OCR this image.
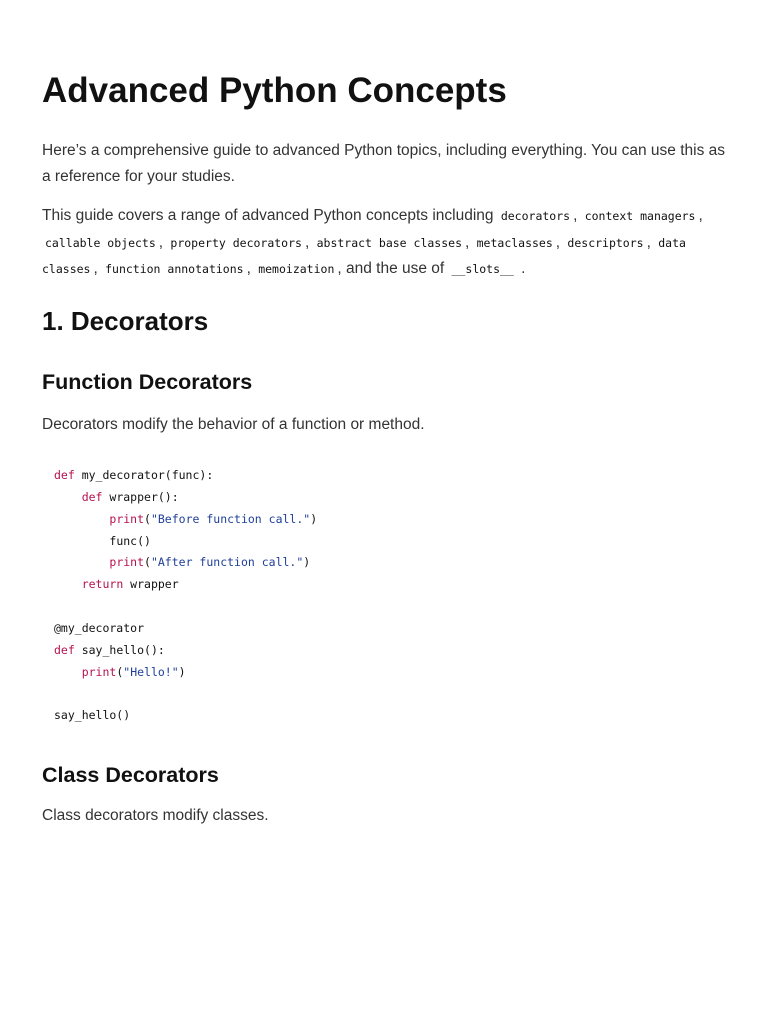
Advanced Python Concepts

Here’s a comprehensive guide to advanced Python topics, including everything. You can use this as a reference for your studies.

This guide covers a range of advanced Python concepts including decorators , context managers , callable objects , property decorators , abstract base classes , metaclasses , descriptors , data classes , function annotations , memoization , and the use of __slots__ .

1. Decorators
Function Decorators

Decorators modify the behavior of a function or method.

def my_decorator(func):
def wrapper():
print("Before function call.")
func()
print("After function call.")
return wrapper

@my_decorator
def say_hello():
print("Hello!")

say_hello()
Class Decorators

Class decorators modify classes.
